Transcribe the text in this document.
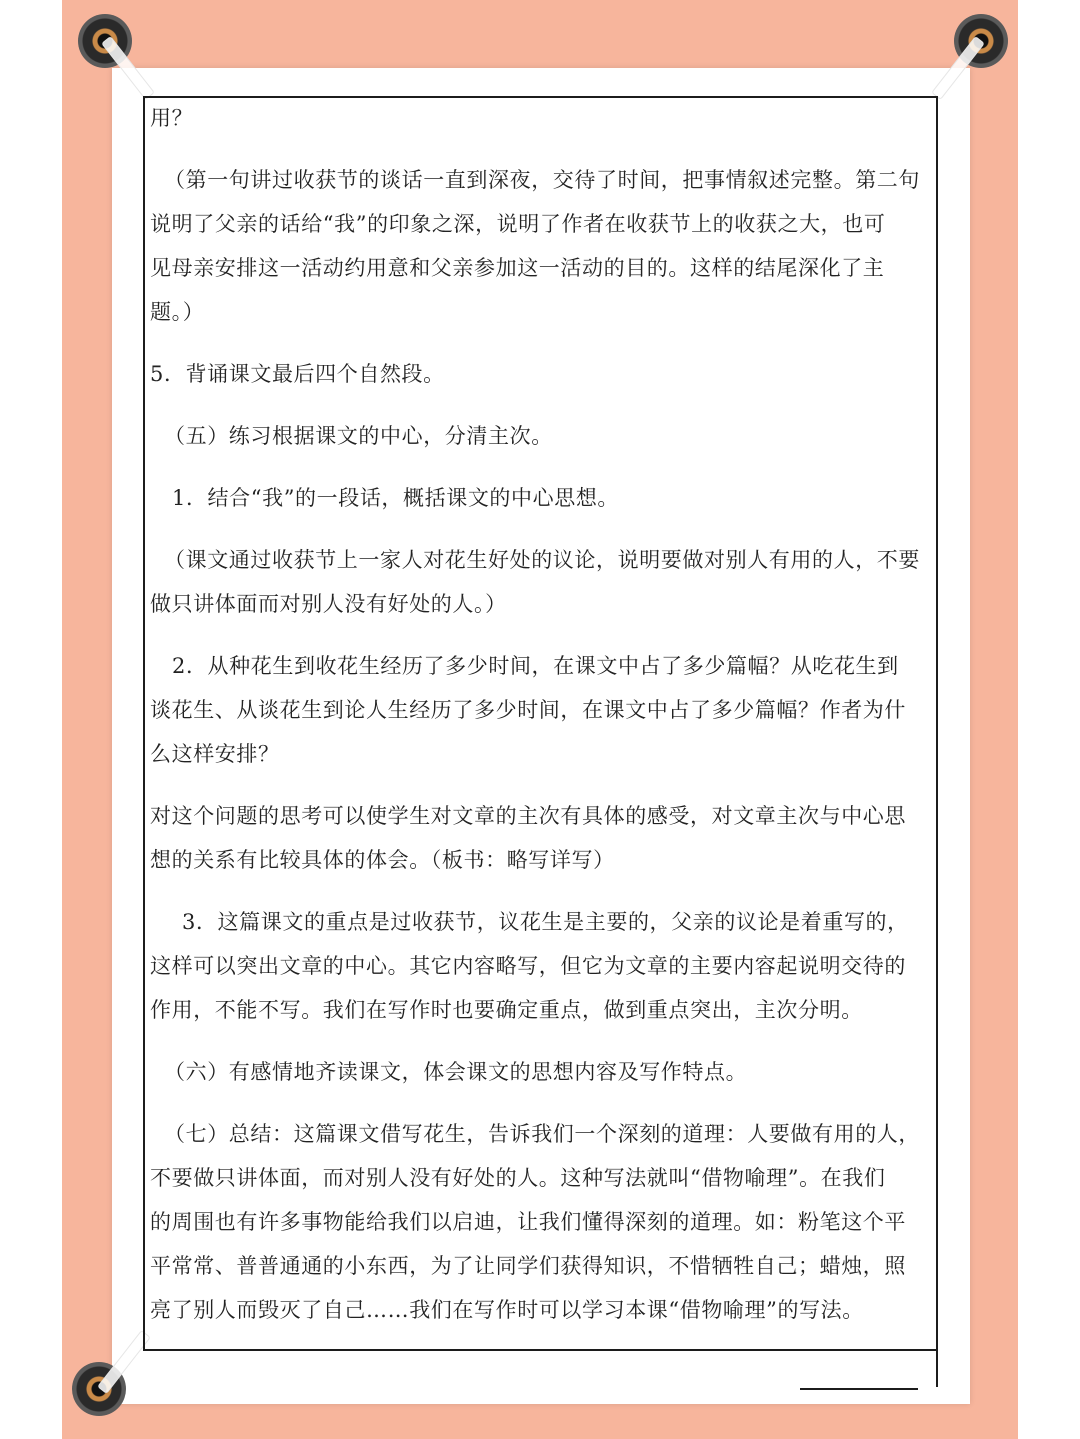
用？

（第一句讲过收获节的谈话一直到深夜，交待了时间，把事情叙述完整。第二句

说明了父亲的话给“我”的印象之深，说明了作者在收获节上的收获之大，也可

见母亲安排这一活动约用意和父亲参加这一活动的目的。这样的结尾深化了主

题。）

5．背诵课文最后四个自然段。

（五）练习根据课文的中心，分清主次。

1．结合“我”的一段话，概括课文的中心思想。

（课文通过收获节上一家人对花生好处的议论，说明要做对别人有用的人，不要

做只讲体面而对别人没有好处的人。）

2．从种花生到收花生经历了多少时间，在课文中占了多少篇幅？从吃花生到

谈花生、从谈花生到论人生经历了多少时间，在课文中占了多少篇幅？作者为什

么这样安排？

对这个问题的思考可以使学生对文章的主次有具体的感受，对文章主次与中心思

想的关系有比较具体的体会。（板书：略写详写）

3．这篇课文的重点是过收获节，议花生是主要的，父亲的议论是着重写的，

这样可以突出文章的中心。其它内容略写，但它为文章的主要内容起说明交待的

作用，不能不写。我们在写作时也要确定重点，做到重点突出，主次分明。

（六）有感情地齐读课文，体会课文的思想内容及写作特点。

（七）总结：这篇课文借写花生，告诉我们一个深刻的道理：人要做有用的人，

不要做只讲体面，而对别人没有好处的人。这种写法就叫“借物喻理”。在我们

的周围也有许多事物能给我们以启迪，让我们懂得深刻的道理。如：粉笔这个平

平常常、普普通通的小东西，为了让同学们获得知识，不惜牺牲自己；蜡烛，照

亮了别人而毁灭了自己……我们在写作时可以学习本课“借物喻理”的写法。
